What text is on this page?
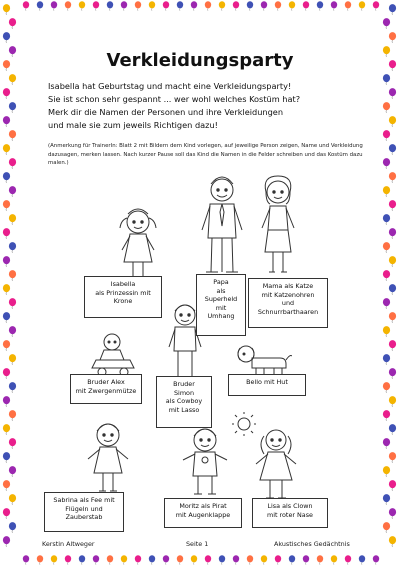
Verkleidungsparty
Isabella hat Geburtstag und macht eine Verkleidungsparty!
Sie ist schon sehr gespannt ... wer wohl welches Kostüm hat?
Merk dir die Namen der Personen und ihre Verkleidungen
und male sie zum jeweils Richtigen dazu!
(Anmerkung für TrainerIn: Blatt 2 mit Bildern dem Kind vorlegen, auf jeweilige Person zeigen, Name und Verkleidung dazusagen, merken lassen. Nach kurzer Pause soll das Kind die Namen in die Felder schreiben und das Kostüm dazu malen.)
Isabella
als Prinzessin mit
Krone
Papa
als
Superheld
mit
Umhang
Mama als Katze
mit Katzenohren
und
Schnurrbarthaaren
Bruder Alex
mit Zwergenmütze
Bruder
Simon
als Cowboy
mit Lasso
Bello mit Hut
Sabrina als Fee mit
Flügeln und
Zauberstab
Moritz als Pirat
mit Augenklappe
Lisa als Clown
mit roter Nase
Kerstin Altweger	Seite 1	Akustisches Gedächtnis
